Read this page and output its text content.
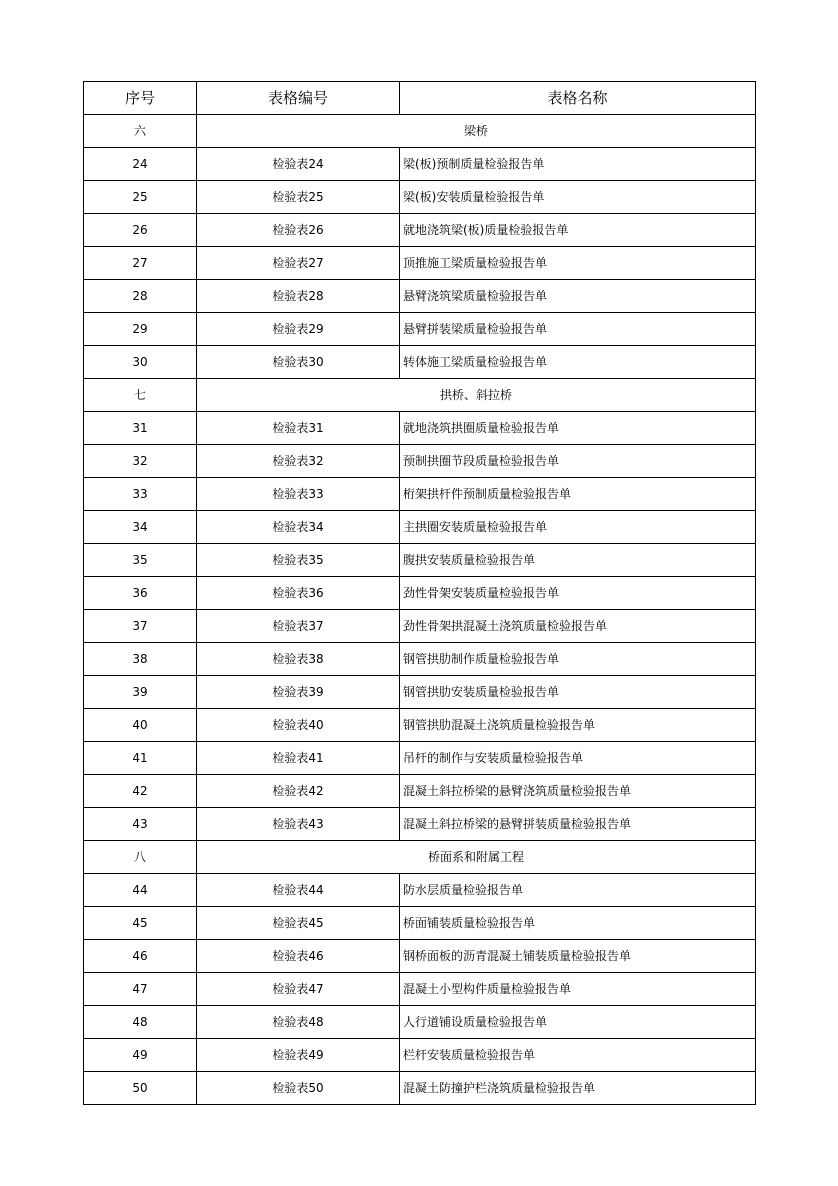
序号	表格编号	表格名称
六	梁桥	
24	检验表24	梁(板)预制质量检验报告单
25	检验表25	梁(板)安装质量检验报告单
26	检验表26	就地浇筑梁(板)质量检验报告单
27	检验表27	顶推施工梁质量检验报告单
28	检验表28	悬臂浇筑梁质量检验报告单
29	检验表29	悬臂拼装梁质量检验报告单
30	检验表30	转体施工梁质量检验报告单
七	拱桥、斜拉桥	
31	检验表31	就地浇筑拱圈质量检验报告单
32	检验表32	预制拱圈节段质量检验报告单
33	检验表33	桁架拱杆件预制质量检验报告单
34	检验表34	主拱圈安装质量检验报告单
35	检验表35	腹拱安装质量检验报告单
36	检验表36	劲性骨架安装质量检验报告单
37	检验表37	劲性骨架拱混凝土浇筑质量检验报告单
38	检验表38	钢管拱肋制作质量检验报告单
39	检验表39	钢管拱肋安装质量检验报告单
40	检验表40	钢管拱肋混凝土浇筑质量检验报告单
41	检验表41	吊杆的制作与安装质量检验报告单
42	检验表42	混凝土斜拉桥梁的悬臂浇筑质量检验报告单
43	检验表43	混凝土斜拉桥梁的悬臂拼装质量检验报告单
八	桥面系和附属工程	
44	检验表44	防水层质量检验报告单
45	检验表45	桥面铺装质量检验报告单
46	检验表46	钢桥面板的沥青混凝土铺装质量检验报告单
47	检验表47	混凝土小型构件质量检验报告单
48	检验表48	人行道铺设质量检验报告单
49	检验表49	栏杆安装质量检验报告单
50	检验表50	混凝土防撞护栏浇筑质量检验报告单
